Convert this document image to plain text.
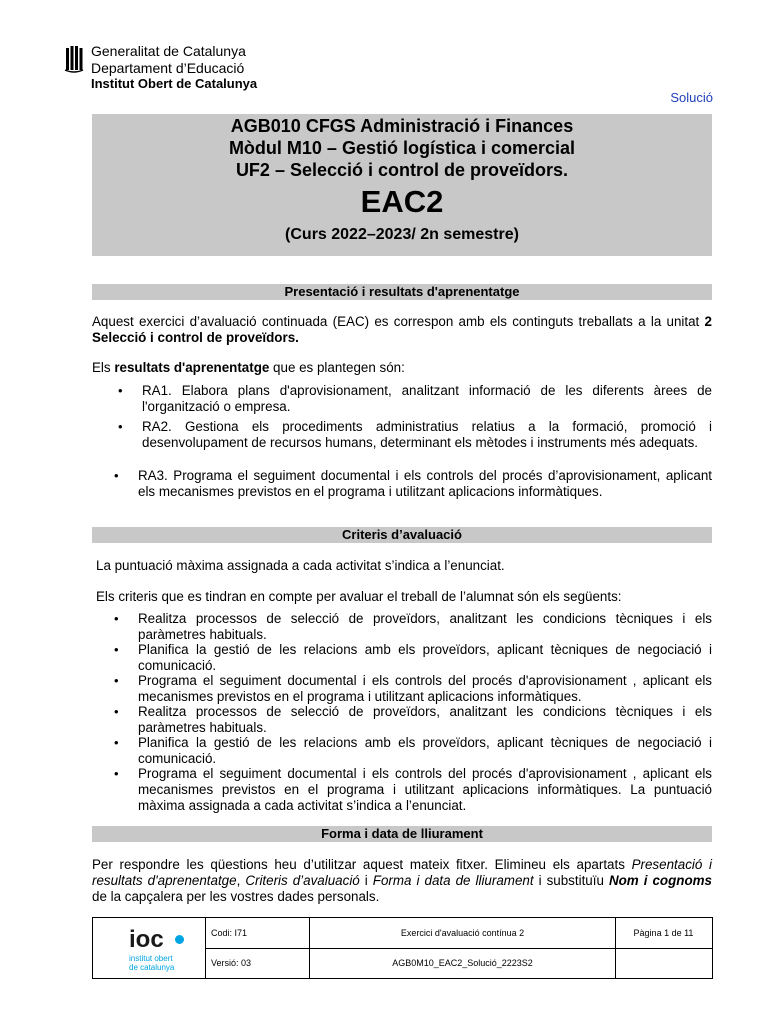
Generalitat de Catalunya
Departament d’Educació
Institut Obert de Catalunya
Solució
AGB010 CFGS Administració i Finances
Mòdul M10 – Gestió logística i comercial
UF2 – Selecció i control de proveïdors.
EAC2
(Curs 2022–2023/ 2n semestre)
Presentació i resultats d'aprenentatge
Aquest exercici d’avaluació continuada (EAC) es correspon amb els continguts treballats a la unitat 2 Selecció i control de proveïdors.
Els resultats d'aprenentatge que es plantegen són:
• RA1. Elabora plans d'aprovisionament, analitzant informació de les diferents àrees de l'organització o empresa.
• RA2. Gestiona els procediments administratius relatius a la formació, promoció i desenvolupament de recursos humans, determinant els mètodes i instruments més adequats.
• RA3. Programa el seguiment documental i els controls del procés d’aprovisionament, aplicant els mecanismes previstos en el programa i utilitzant aplicacions informàtiques.
Criteris d’avaluació
La puntuació màxima assignada a cada activitat s’indica a l’enunciat.
Els criteris que es tindran en compte per avaluar el treball de l’alumnat són els següents:
• Realitza processos de selecció de proveïdors, analitzant les condicions tècniques i els paràmetres habituals.
• Planifica la gestió de les relacions amb els proveïdors, aplicant tècniques de negociació i comunicació.
• Programa el seguiment documental i els controls del procés d'aprovisionament , aplicant els mecanismes previstos en el programa i utilitzant aplicacions informàtiques.
• Realitza processos de selecció de proveïdors, analitzant les condicions tècniques i els paràmetres habituals.
• Planifica la gestió de les relacions amb els proveïdors, aplicant tècniques de negociació i comunicació.
• Programa el seguiment documental i els controls del procés d'aprovisionament , aplicant els mecanismes previstos en el programa i utilitzant aplicacions informàtiques. La puntuació màxima assignada a cada activitat s’indica a l’enunciat.
Forma i data de lliurament
Per respondre les qüestions heu d’utilitzar aquest mateix fitxer. Elimineu els apartats Presentació i resultats d'aprenentatge, Criteris d’avaluació i Forma i data de lliurament i substituïu Nom i cognoms de la capçalera per les vostres dades personals.
ioc
institut obert
de catalunya
Codi: I71	Exercici d'avaluació contínua 2	Pàgina 1 de 11
Versió: 03	AGB0M10_EAC2_Solució_2223S2
